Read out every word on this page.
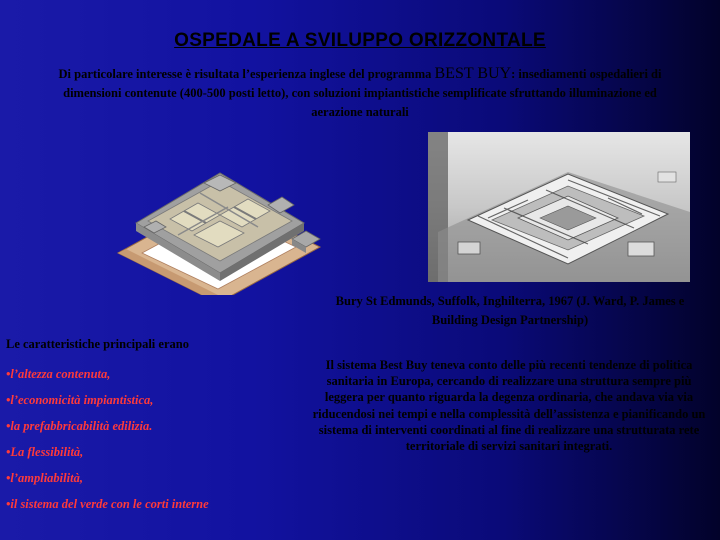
OSPEDALE A SVILUPPO ORIZZONTALE
Di particolare interesse è risultata l’esperienza inglese del programma BEST BUY: insediamenti ospedalieri di dimensioni contenute (400-500 posti letto), con soluzioni impiantistiche semplificate sfruttando illuminazione ed aerazione naturali
Bury St Edmunds, Suffolk, Inghilterra, 1967 (J. Ward, P. James e Building Design Partnership)
Le caratteristiche principali erano
•l’altezza contenuta,
•l’economicità impiantistica,
•la prefabbricabilità edilizia.
•La flessibilità,
•l’ampliabilità,
•il sistema del verde con le corti interne
Il sistema Best Buy teneva conto delle più recenti tendenze di politica sanitaria in Europa, cercando di realizzare una struttura sempre più leggera per quanto riguarda la degenza ordinaria, che andava via via riducendosi nei tempi e nella complessità dell’assistenza e pianificando un sistema di interventi coordinati al fine di realizzare una strutturata rete territoriale di servizi sanitari integrati.
